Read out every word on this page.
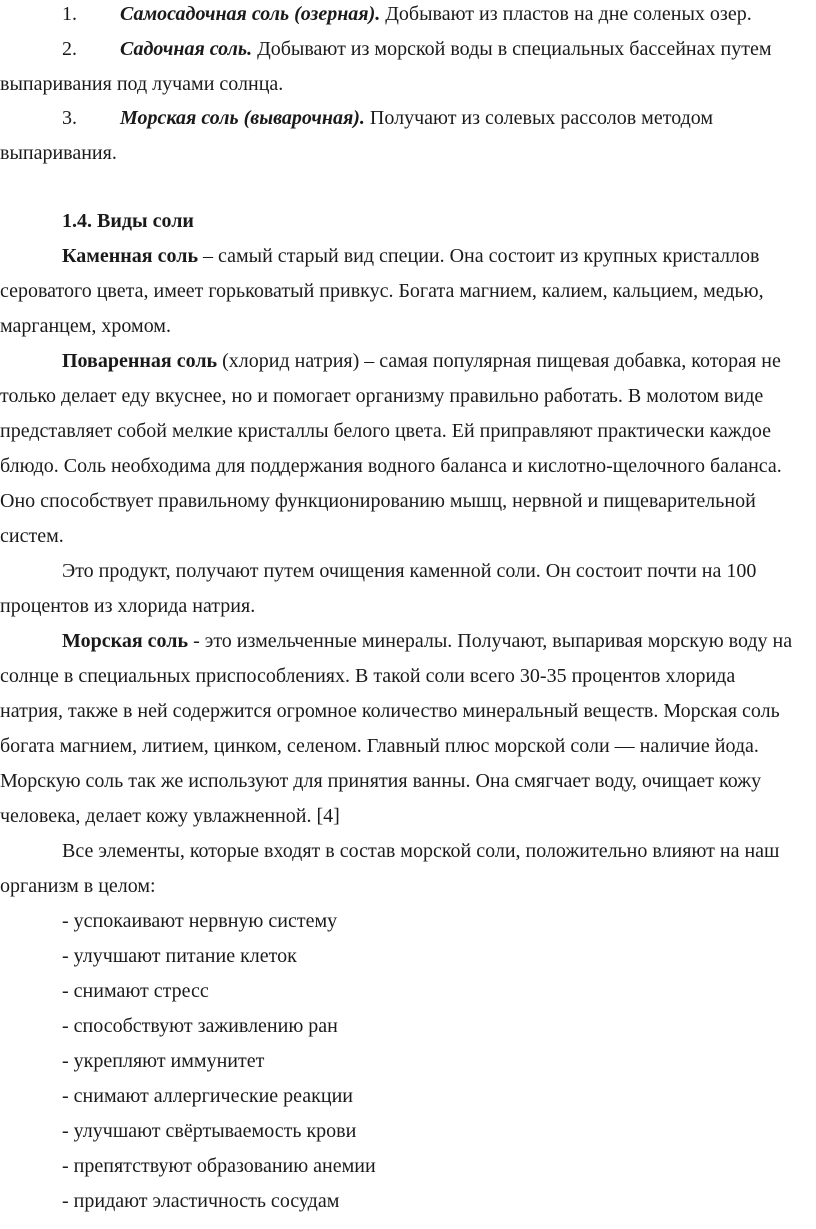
1. Самосадочная соль (озерная). Добывают из пластов на дне соленых озер.
2. Садочная соль. Добывают из морской воды в специальных бассейнах путем
выпаривания под лучами солнца.
3. Морская соль (выварочная). Получают из солевых рассолов методом
выпаривания.
1.4. Виды соли
Каменная соль – самый старый вид специи. Она состоит из крупных кристаллов
сероватого цвета, имеет горьковатый привкус. Богата магнием, калием, кальцием, медью,
марганцем, хромом.
Поваренная соль (хлорид натрия) – самая популярная пищевая добавка, которая не
только делает еду вкуснее, но и помогает организму правильно работать. В молотом виде
представляет собой мелкие кристаллы белого цвета. Ей приправляют практически каждое
блюдо. Соль необходима для поддержания водного баланса и кислотно-щелочного баланса.
Оно способствует правильному функционированию мышц, нервной и пищеварительной
систем.
Это продукт, получают путем очищения каменной соли. Он состоит почти на 100
процентов из хлорида натрия.
Морская соль - это измельченные минералы. Получают, выпаривая морскую воду на
солнце в специальных приспособлениях. В такой соли всего 30-35 процентов хлорида
натрия, также в ней содержится огромное количество минеральный веществ. Морская соль
богата магнием, литием, цинком, селеном. Главный плюс морской соли — наличие йода.
Морскую соль так же используют для принятия ванны. Она смягчает воду, очищает кожу
человека, делает кожу увлажненной. [4]
Все элементы, которые входят в состав морской соли, положительно влияют на наш
организм в целом:
- успокаивают нервную систему
- улучшают питание клеток
- снимают стресс
- способствуют заживлению ран
- укрепляют иммунитет
- снимают аллергические реакции
- улучшают свёртываемость крови
- препятствуют образованию анемии
- придают эластичность сосудам
